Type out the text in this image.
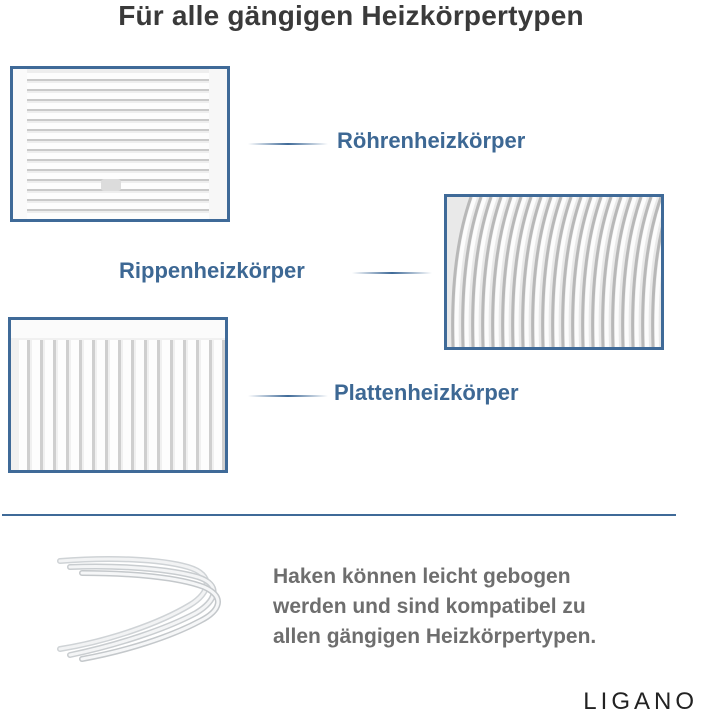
Für alle gängigen Heizkörpertypen
Röhrenheizkörper
Rippenheizkörper
Plattenheizkörper
Haken können leicht gebogen
werden und sind kompatibel zu
allen gängigen Heizkörpertypen.
LIGANO
